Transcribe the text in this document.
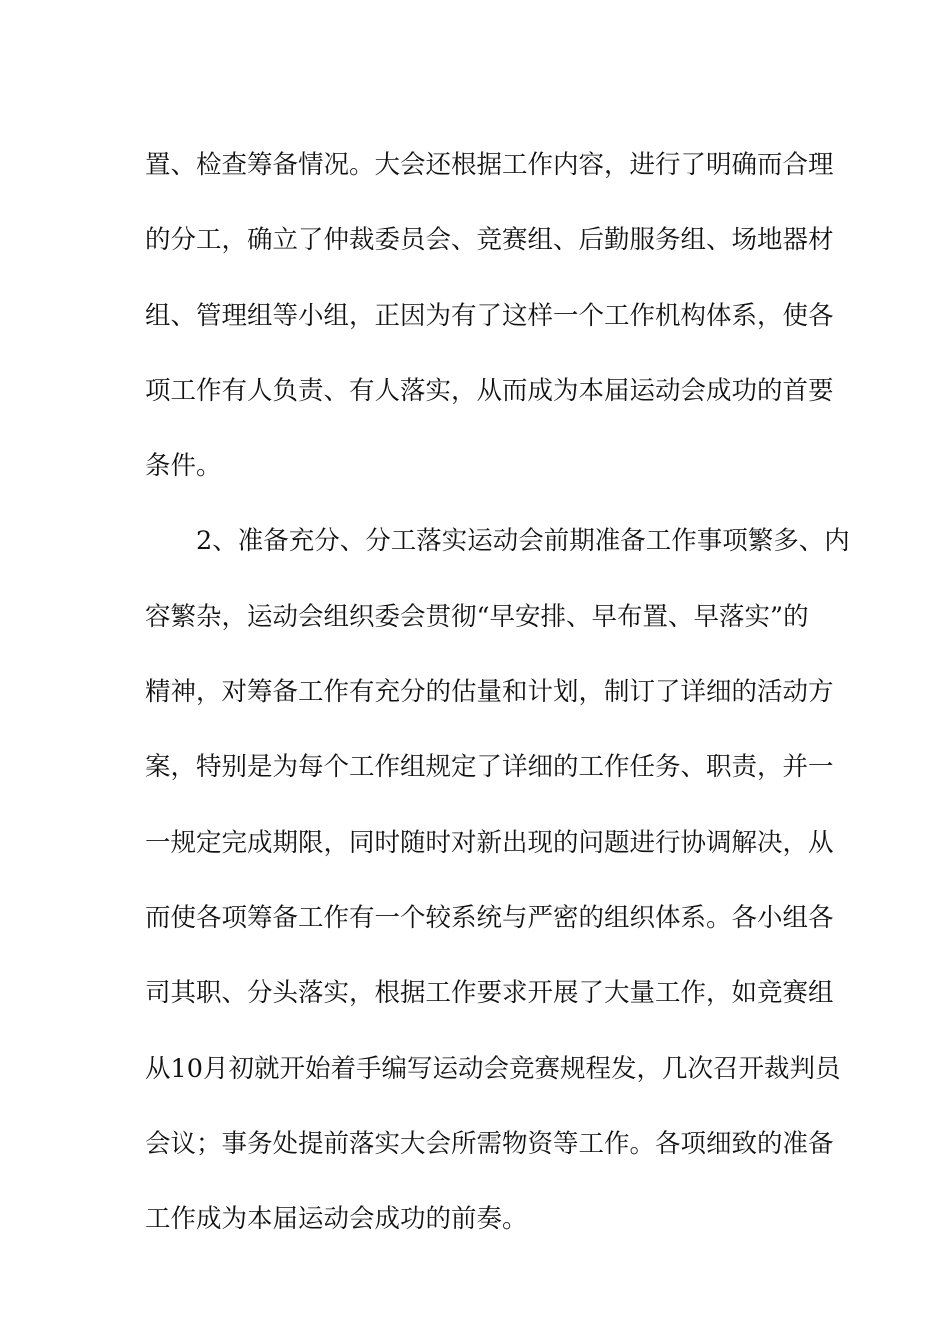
置、检查筹备情况。大会还根据工作内容，进行了明确而合理
的分工，确立了仲裁委员会、竞赛组、后勤服务组、场地器材
组、管理组等小组，正因为有了这样一个工作机构体系，使各
项工作有人负责、有人落实，从而成为本届运动会成功的首要
条件。
2、准备充分、分工落实运动会前期准备工作事项繁多、内
容繁杂，运动会组织委会贯彻“早安排、早布置、早落实”的
精神，对筹备工作有充分的估量和计划，制订了详细的活动方
案，特别是为每个工作组规定了详细的工作任务、职责，并一
一规定完成期限，同时随时对新出现的问题进行协调解决，从
而使各项筹备工作有一个较系统与严密的组织体系。各小组各
司其职、分头落实，根据工作要求开展了大量工作，如竞赛组
从10月初就开始着手编写运动会竞赛规程发，几次召开裁判员
会议；事务处提前落实大会所需物资等工作。各项细致的准备
工作成为本届运动会成功的前奏。
